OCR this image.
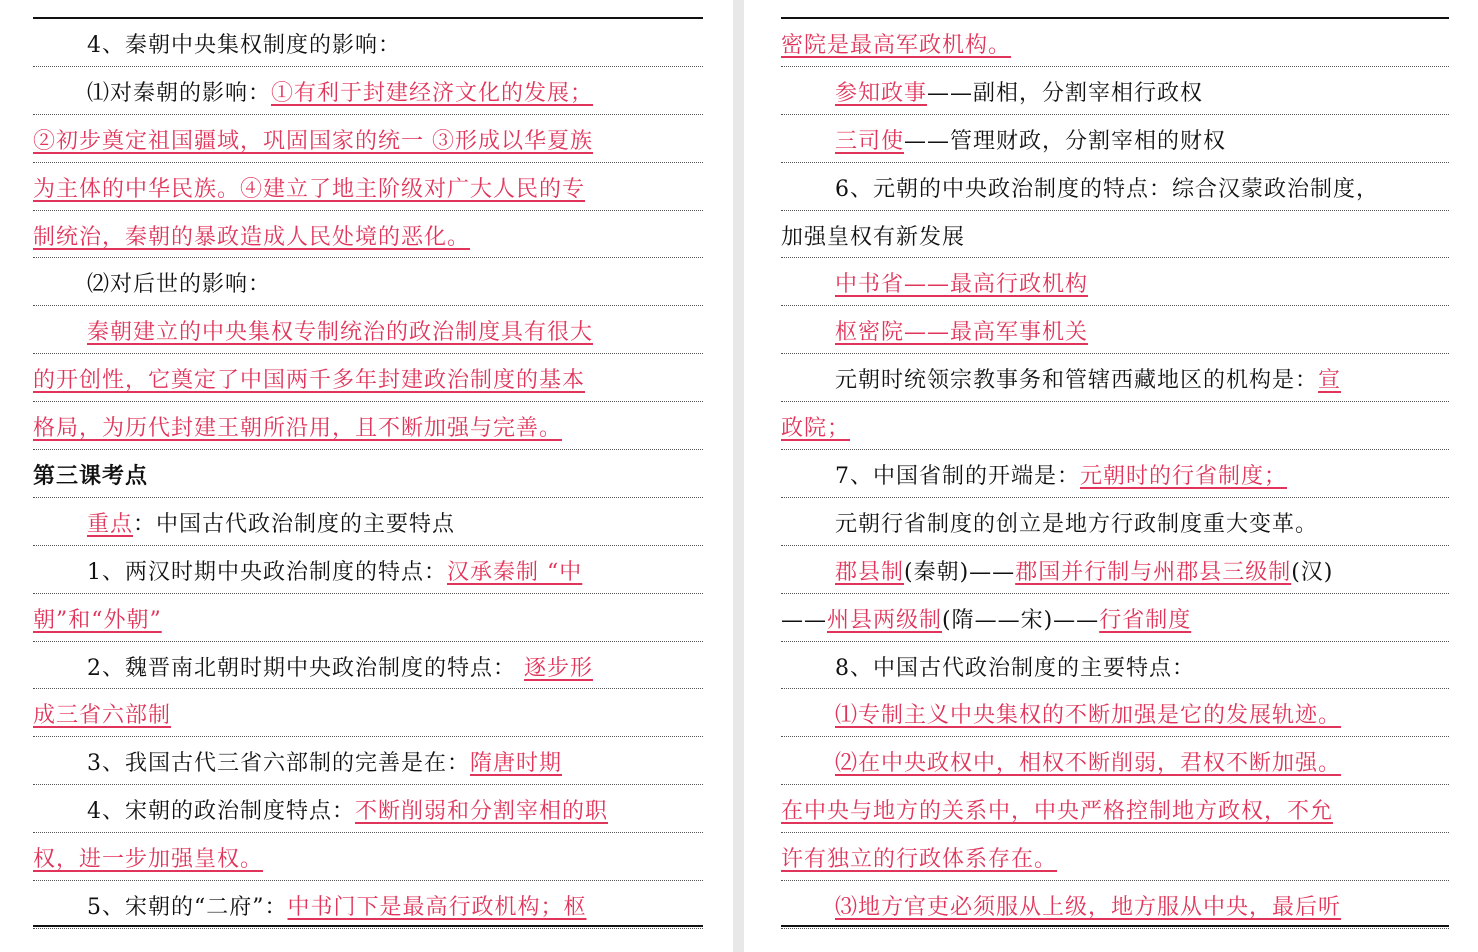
4、秦朝中央集权制度的影响：
⑴对秦朝的影响：①有利于封建经济文化的发展；
②初步奠定祖国疆域，巩固国家的统一 ③形成以华夏族
为主体的中华民族。④建立了地主阶级对广大人民的专
制统治，秦朝的暴政造成人民处境的恶化。
⑵对后世的影响：
秦朝建立的中央集权专制统治的政治制度具有很大
的开创性，它奠定了中国两千多年封建政治制度的基本
格局，为历代封建王朝所沿用，且不断加强与完善。
第三课考点
重点：中国古代政治制度的主要特点
1、两汉时期中央政治制度的特点：汉承秦制 “中
朝”和“外朝”
2、魏晋南北朝时期中央政治制度的特点： 逐步形
成三省六部制
3、我国古代三省六部制的完善是在：隋唐时期
4、宋朝的政治制度特点：不断削弱和分割宰相的职
权，进一步加强皇权。
5、宋朝的“二府”：中书门下是最高行政机构；枢
密院是最高军政机构。
参知政事——副相，分割宰相行政权
三司使——管理财政，分割宰相的财权
6、元朝的中央政治制度的特点：综合汉蒙政治制度，
加强皇权有新发展
中书省——最高行政机构
枢密院——最高军事机关
元朝时统领宗教事务和管辖西藏地区的机构是：宣
政院；
7、中国省制的开端是：元朝时的行省制度；
元朝行省制度的创立是地方行政制度重大变革。
郡县制(秦朝)——郡国并行制与州郡县三级制(汉)
——州县两级制(隋——宋)——行省制度
8、中国古代政治制度的主要特点：
⑴专制主义中央集权的不断加强是它的发展轨迹。
⑵在中央政权中，相权不断削弱，君权不断加强。
在中央与地方的关系中，中央严格控制地方政权，不允
许有独立的行政体系存在。
⑶地方官吏必须服从上级，地方服从中央，最后听
